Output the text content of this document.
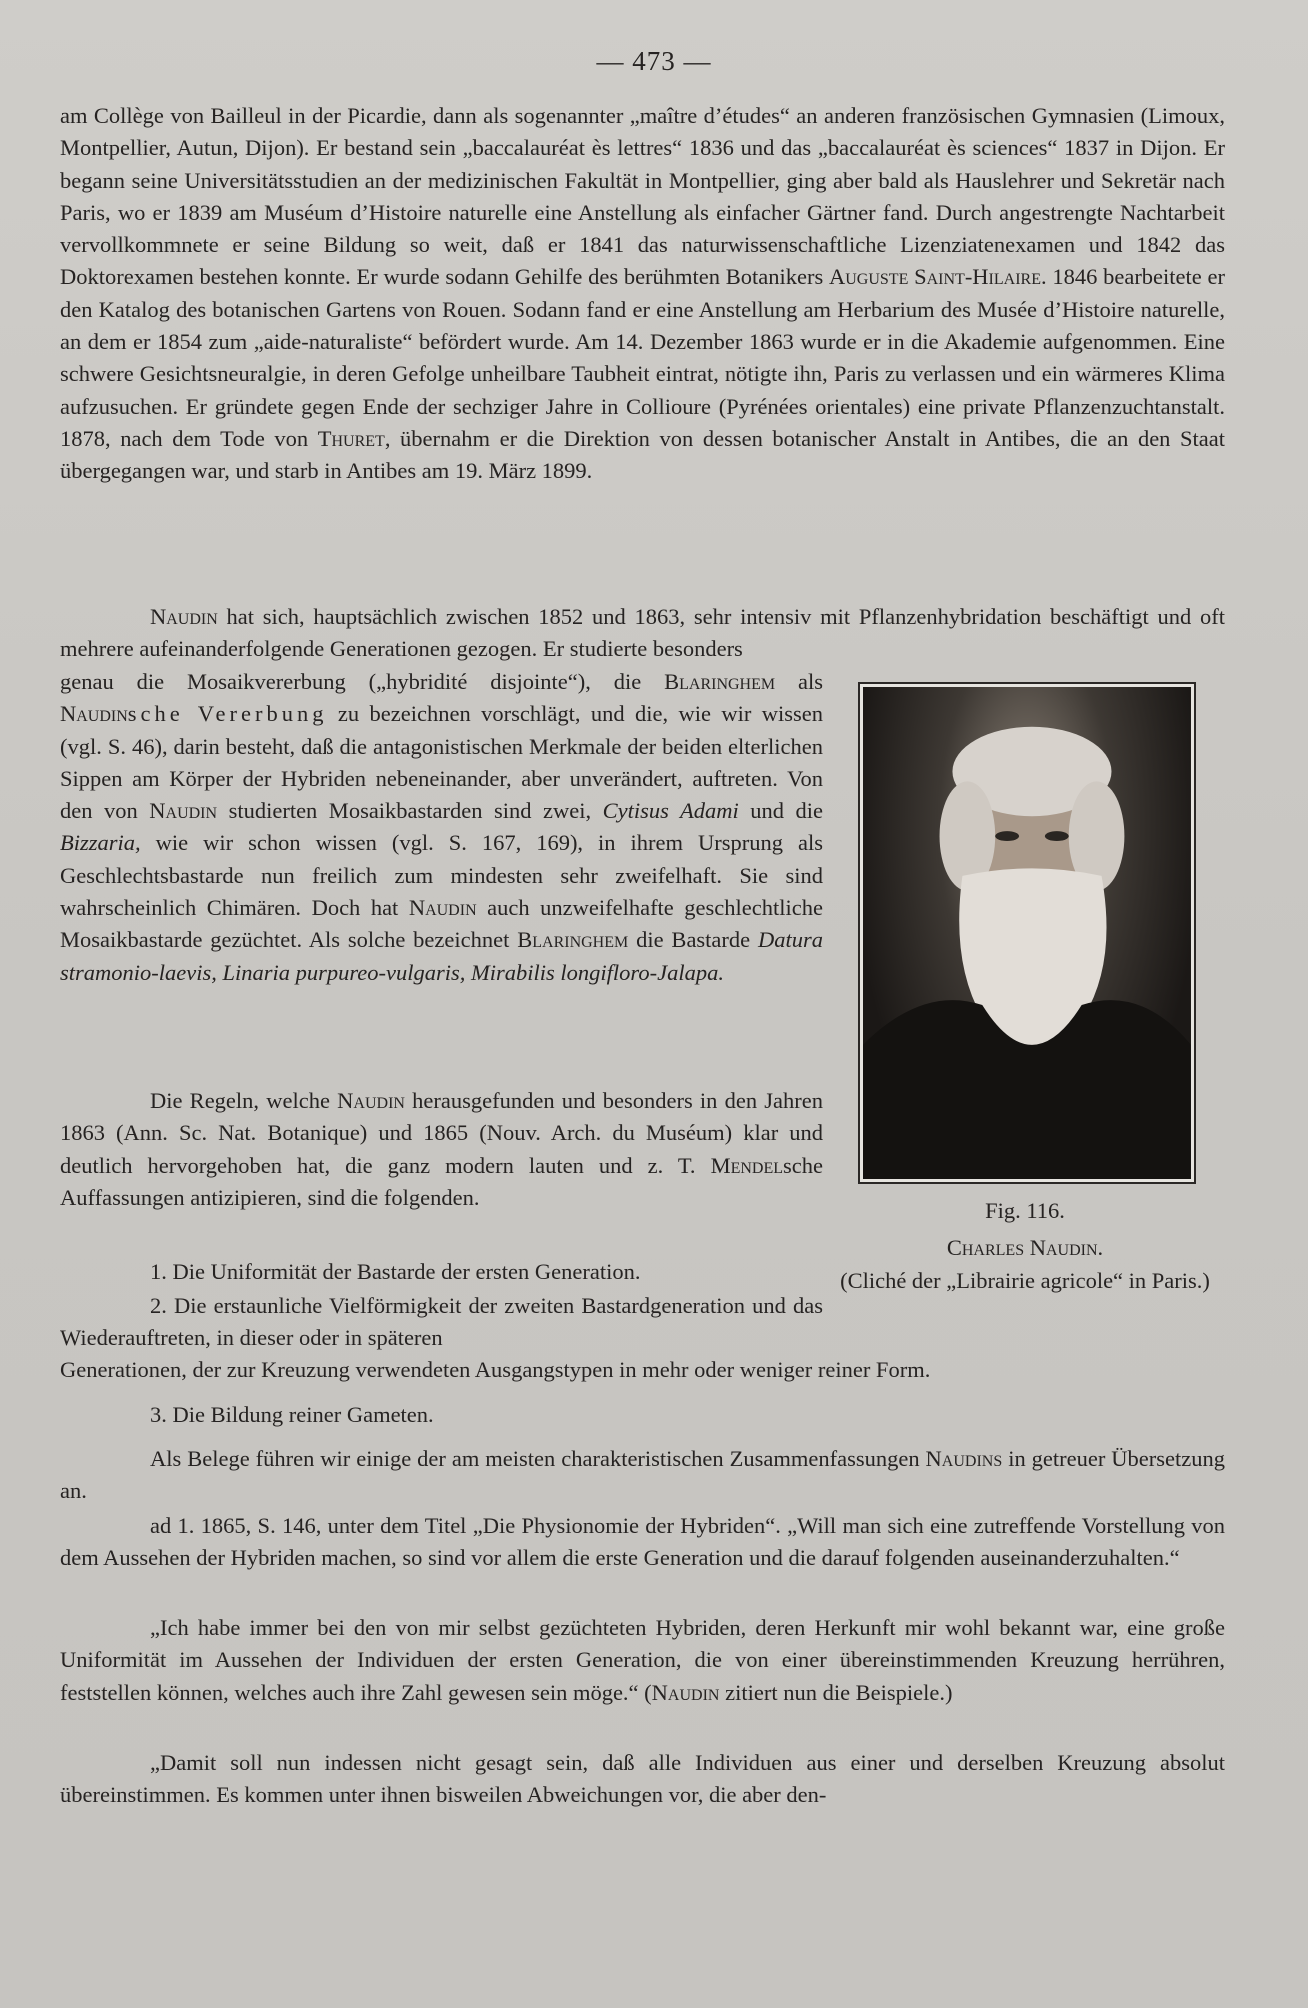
— 473 —

am Collège von Bailleul in der Picardie, dann als sogenannter „maître d’études“ an anderen französischen Gymnasien (Limoux, Montpellier, Autun, Dijon). Er bestand sein „baccalauréat ès lettres“ 1836 und das „baccalauréat ès sciences“ 1837 in Dijon. Er begann seine Universitätsstudien an der medizinischen Fakultät in Montpellier, ging aber bald als Hauslehrer und Sekretär nach Paris, wo er 1839 am Muséum d’Histoire naturelle eine Anstellung als einfacher Gärtner fand. Durch angestrengte Nachtarbeit vervollkommnete er seine Bildung so weit, daß er 1841 das naturwissenschaftliche Lizenziatenexamen und 1842 das Doktorexamen bestehen konnte. Er wurde sodann Gehilfe des berühmten Botanikers Auguste Saint-Hilaire. 1846 bearbeitete er den Katalog des botanischen Gartens von Rouen. Sodann fand er eine Anstellung am Herbarium des Musée d’Histoire naturelle, an dem er 1854 zum „aide-naturaliste“ befördert wurde. Am 14. Dezember 1863 wurde er in die Akademie aufgenommen. Eine schwere Gesichtsneuralgie, in deren Gefolge unheilbare Taubheit eintrat, nötigte ihn, Paris zu verlassen und ein wärmeres Klima aufzusuchen. Er gründete gegen Ende der sechziger Jahre in Collioure (Pyrénées orientales) eine private Pflanzenzuchtanstalt. 1878, nach dem Tode von Thuret, übernahm er die Direktion von dessen botanischer Anstalt in Antibes, die an den Staat übergegangen war, und starb in Antibes am 19. März 1899.

Naudin hat sich, hauptsächlich zwischen 1852 und 1863, sehr intensiv mit Pflanzenhybridation beschäftigt und oft mehrere aufeinanderfolgende Generationen gezogen. Er studierte besonders

genau die Mosaikvererbung („hybridité disjointe“), die Blaringhem als Naudinsche Vererbung zu bezeichnen vorschlägt, und die, wie wir wissen (vgl. S. 46), darin besteht, daß die antagonistischen Merkmale der beiden elterlichen Sippen am Körper der Hybriden nebeneinander, aber unverändert, auftreten. Von den von Naudin studierten Mosaikbastarden sind zwei, Cytisus Adami und die Bizzaria, wie wir schon wissen (vgl. S. 167, 169), in ihrem Ursprung als Geschlechtsbastarde nun freilich zum mindesten sehr zweifelhaft. Sie sind wahrscheinlich Chimären. Doch hat Naudin auch unzweifelhafte geschlechtliche Mosaikbastarde gezüchtet. Als solche bezeichnet Blaringhem die Bastarde Datura stramonio-laevis, Linaria purpureo-vulgaris, Mirabilis longifloro-Jalapa.

Die Regeln, welche Naudin herausgefunden und besonders in den Jahren 1863 (Ann. Sc. Nat. Botanique) und 1865 (Nouv. Arch. du Muséum) klar und deutlich hervorgehoben hat, die ganz modern lauten und z. T. Mendelsche Auffassungen antizipieren, sind die folgenden.

1. Die Uniformität der Bastarde der ersten Generation.

2. Die erstaunliche Vielförmigkeit der zweiten Bastardgeneration und das Wiederauftreten, in dieser oder in späteren

Generationen, der zur Kreuzung verwendeten Ausgangstypen in mehr oder weniger reiner Form.

3. Die Bildung reiner Gameten.

Als Belege führen wir einige der am meisten charakteristischen Zusammenfassungen Naudins in getreuer Übersetzung an.

ad 1. 1865, S. 146, unter dem Titel „Die Physionomie der Hybriden“. „Will man sich eine zutreffende Vorstellung von dem Aussehen der Hybriden machen, so sind vor allem die erste Generation und die darauf folgenden auseinanderzuhalten.“

„Ich habe immer bei den von mir selbst gezüchteten Hybriden, deren Herkunft mir wohl bekannt war, eine große Uniformität im Aussehen der Individuen der ersten Generation, die von einer übereinstimmenden Kreuzung herrühren, feststellen können, welches auch ihre Zahl gewesen sein möge.“ (Naudin zitiert nun die Beispiele.)

„Damit soll nun indessen nicht gesagt sein, daß alle Individuen aus einer und derselben Kreuzung absolut übereinstimmen. Es kommen unter ihnen bisweilen Abweichungen vor, die aber den-

Fig. 116.
Charles Naudin.
(Cliché der „Librairie agricole“ in Paris.)
